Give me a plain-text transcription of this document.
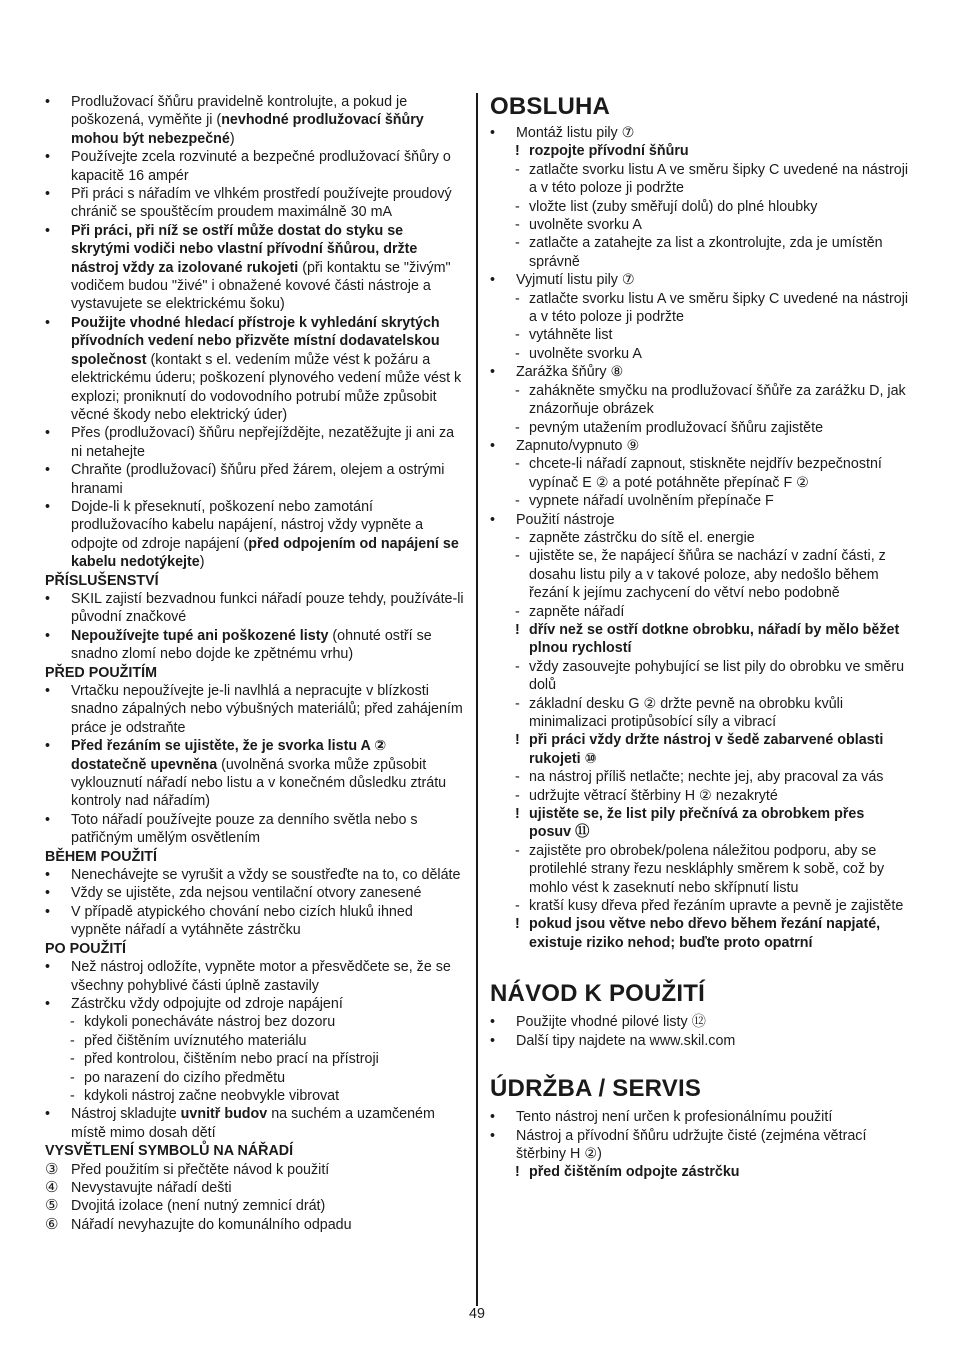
•	Prodlužovací šňůru pravidelně kontrolujte, a pokud je poškozená, vyměňte ji (nevhodné prodlužovací šňůry mohou být nebezpečné)
•	Používejte zcela rozvinuté a bezpečné prodlužovací šňůry o kapacitě 16 ampér
•	Při práci s nářadím ve vlhkém prostředí používejte proudový chránič se spouštěcím proudem maximálně 30 mA
•	Při práci, při níž se ostří může dostat do styku se skrytými vodiči nebo vlastní přívodní šňůrou, držte nástroj vždy za izolované rukojeti (při kontaktu se "živým" vodičem budou "živé" i obnažené kovové části nástroje a vystavujete se elektrickému šoku)
•	Použijte vhodné hledací přístroje k vyhledání skrytých přívodních vedení nebo přizvěte místní dodavatelskou společnost (kontakt s el. vedením může vést k požáru a elektrickému úderu; poškození plynového vedení může vést k explozi; proniknutí do vodovodního potrubí může způsobit věcné škody nebo elektrický úder)
•	Přes (prodlužovací) šňůru nepřejíždějte, nezatěžujte ji ani za ni netahejte
•	Chraňte (prodlužovací) šňůru před žárem, olejem a ostrými hranami
•	Dojde-li k přeseknutí, poškození nebo zamotání prodlužovacího kabelu napájení, nástroj vždy vypněte a odpojte od zdroje napájení (před odpojením od napájení se kabelu nedotýkejte)
PŘÍSLUŠENSTVÍ
•	SKIL zajistí bezvadnou funkci nářadí pouze tehdy, používáte-li původní značkové
•	Nepoužívejte tupé ani poškozené listy (ohnuté ostří se snadno zlomí nebo dojde ke zpětnému vrhu)
PŘED POUŽITÍM
•	Vrtačku nepoužívejte je-li navlhlá a nepracujte v blízkosti snadno zápalných nebo výbušných materiálů; před zahájením práce je odstraňte
•	Před řezáním se ujistěte, že je svorka listu A ② dostatečně upevněna (uvolněná svorka může způsobit vyklouznutí nářadí nebo listu a v konečném důsledku ztrátu kontroly nad nářadím)
•	Toto nářadí používejte pouze za denního světla nebo s patřičným umělým osvětlením
BĚHEM POUŽITÍ
•	Nenechávejte se vyrušit a vždy se soustřeďte na to, co děláte
•	Vždy se ujistěte, zda nejsou ventilační otvory zanesené
•	V případě atypického chování nebo cizích hluků ihned vypněte nářadí a vytáhněte zástrčku
PO POUŽITÍ
•	Než nástroj odložíte, vypněte motor a přesvědčete se, že se všechny pohyblivé části úplně zastavily
•	Zástrčku vždy odpojujte od zdroje napájení
- kdykoli ponecháváte nástroj bez dozoru
- před čištěním uvíznutého materiálu
- před kontrolou, čištěním nebo prací na přístroji
- po narazení do cizího předmětu
- kdykoli nástroj začne neobvykle vibrovat
•	Nástroj skladujte uvnitř budov na suchém a uzamčeném místě mimo dosah dětí
VYSVĚTLENÍ SYMBOLŮ NA NÁŘADÍ
③ Před použitím si přečtěte návod k použití
④ Nevystavujte nářadí dešti
⑤ Dvojitá izolace (není nutný zemnicí drát)
⑥ Nářadí nevyhazujte do komunálního odpadu
OBSLUHA
•	Montáž listu pily ⑦
! rozpojte přívodní šňůru
- zatlačte svorku listu A ve směru šipky C uvedené na nástroji a v této poloze ji podržte
- vložte list (zuby směřují dolů) do plné hloubky
- uvolněte svorku A
- zatlačte a zatahejte za list a zkontrolujte, zda je umístěn správně
•	Vyjmutí listu pily ⑦
- zatlačte svorku listu A ve směru šipky C uvedené na nástroji a v této poloze ji podržte
- vytáhněte list
- uvolněte svorku A
•	Zarážka šňůry ⑧
- zahákněte smyčku na prodlužovací šňůře za zarážku D, jak znázorňuje obrázek
- pevným utažením prodlužovací šňůru zajistěte
•	Zapnuto/vypnuto ⑨
- chcete-li nářadí zapnout, stiskněte nejdřív bezpečnostní vypínač E ② a poté potáhněte přepínač F ②
- vypnete nářadí uvolněním přepínače F
•	Použití nástroje
- zapněte zástrčku do sítě el. energie
- ujistěte se, že napájecí šňůra se nachází v zadní části, z dosahu listu pily a v takové poloze, aby nedošlo během řezání k jejímu zachycení do větví nebo podobně
- zapněte nářadí
! dřív než se ostří dotkne obrobku, nářadí by mělo běžet plnou rychlostí
- vždy zasouvejte pohybující se list pily do obrobku ve směru dolů
- základní desku G ② držte pevně na obrobku kvůli minimalizaci protipůsobící síly a vibrací
! při práci vždy držte nástroj v šedě zabarvené oblasti rukojeti ⑩
- na nástroj příliš netlačte; nechte jej, aby pracoval za vás
- udržujte větrací štěrbiny H ② nezakryté
! ujistěte se, že list pily přečnívá za obrobkem přes posuv ⑪
- zajistěte pro obrobek/polena náležitou podporu, aby se protilehlé strany řezu neskláphly směrem k sobě, což by mohlo vést k zaseknutí nebo skřípnutí listu
- kratší kusy dřeva před řezáním upravte a pevně je zajistěte
! pokud jsou větve nebo dřevo během řezání napjaté, existuje riziko nehod; buďte proto opatrní
NÁVOD K POUŽITÍ
•	Použijte vhodné pilové listy ⑫
•	Další tipy najdete na www.skil.com
ÚDRŽBA / SERVIS
•	Tento nástroj není určen k profesionálnímu použití
•	Nástroj a přívodní šňůru udržujte čisté (zejména větrací štěrbiny H ②)
! před čištěním odpojte zástrčku
49
